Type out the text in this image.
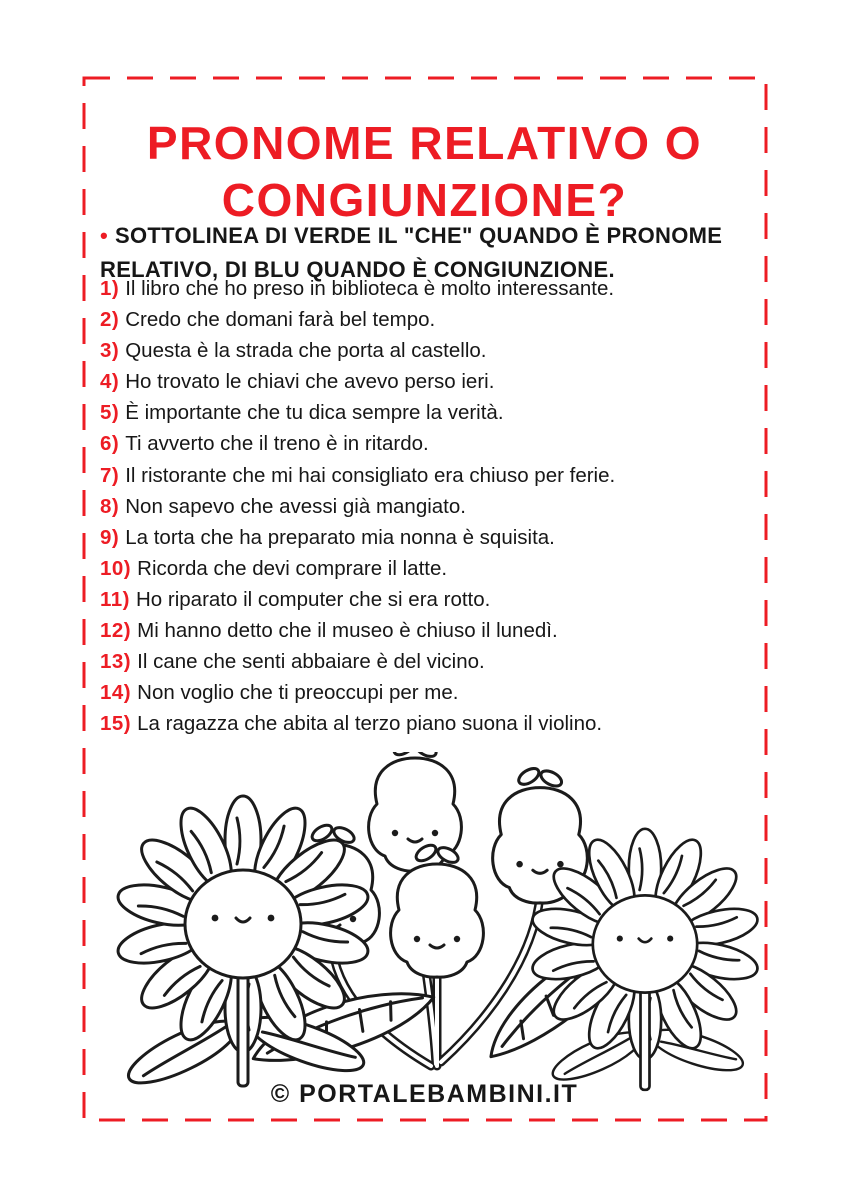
PRONOME RELATIVO O
CONGIUNZIONE?

• SOTTOLINEA DI VERDE IL "CHE" QUANDO È PRONOME RELATIVO, DI BLU QUANDO È CONGIUNZIONE.

1) Il libro che ho preso in biblioteca è molto interessante.
2) Credo che domani farà bel tempo.
3) Questa è la strada che porta al castello.
4) Ho trovato le chiavi che avevo perso ieri.
5) È importante che tu dica sempre la verità.
6) Ti avverto che il treno è in ritardo.
7) Il ristorante che mi hai consigliato era chiuso per ferie.
8) Non sapevo che avessi già mangiato.
9) La torta che ha preparato mia nonna è squisita.
10) Ricorda che devi comprare il latte.
11) Ho riparato il computer che si era rotto.
12) Mi hanno detto che il museo è chiuso il lunedì.
13) Il cane che senti abbaiare è del vicino.
14) Non voglio che ti preoccupi per me.
15) La ragazza che abita al terzo piano suona il violino.
© PORTALEBAMBINI.IT
